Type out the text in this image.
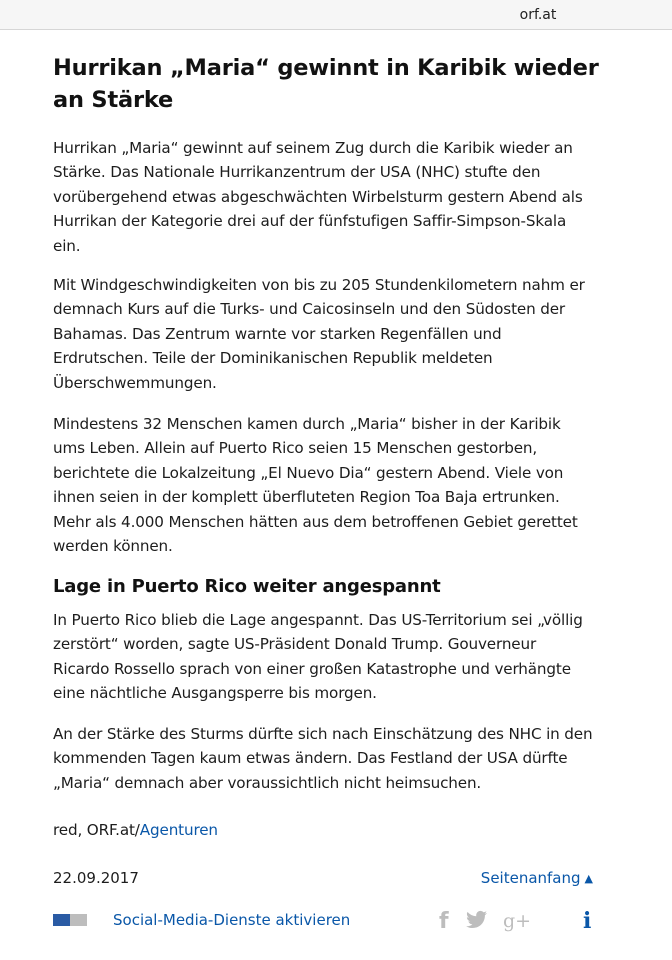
orf.at
Hurrikan „Maria“ gewinnt in Karibik wieder an Stärke

Hurrikan „Maria“ gewinnt auf seinem Zug durch die Karibik wieder an Stärke. Das Nationale Hurrikanzentrum der USA (NHC) stufte den vorübergehend etwas abgeschwächten Wirbelsturm gestern Abend als Hurrikan der Kategorie drei auf der fünfstufigen Saffir-Simpson-Skala ein.

Mit Windgeschwindigkeiten von bis zu 205 Stundenkilometern nahm er demnach Kurs auf die Turks- und Caicosinseln und den Südosten der Bahamas. Das Zentrum warnte vor starken Regenfällen und Erdrutschen. Teile der Dominikanischen Republik meldeten Überschwemmungen.

Mindestens 32 Menschen kamen durch „Maria“ bisher in der Karibik ums Leben. Allein auf Puerto Rico seien 15 Menschen gestorben, berichtete die Lokalzeitung „El Nuevo Dia“ gestern Abend. Viele von ihnen seien in der komplett überfluteten Region Toa Baja ertrunken. Mehr als 4.000 Menschen hätten aus dem betroffenen Gebiet gerettet werden können.

Lage in Puerto Rico weiter angespannt

In Puerto Rico blieb die Lage angespannt. Das US-Territorium sei „völlig zerstört“ worden, sagte US-Präsident Donald Trump. Gouverneur Ricardo Rossello sprach von einer großen Katastrophe und verhängte eine nächtliche Ausgangsperre bis morgen.

An der Stärke des Sturms dürfte sich nach Einschätzung des NHC in den kommenden Tagen kaum etwas ändern. Das Festland der USA dürfte „Maria“ demnach aber voraussichtlich nicht heimsuchen.

red, ORF.at/Agenturen

22.09.2017	Seitenanfang ▲
Social-Media-Dienste aktivieren	f	g+ i
